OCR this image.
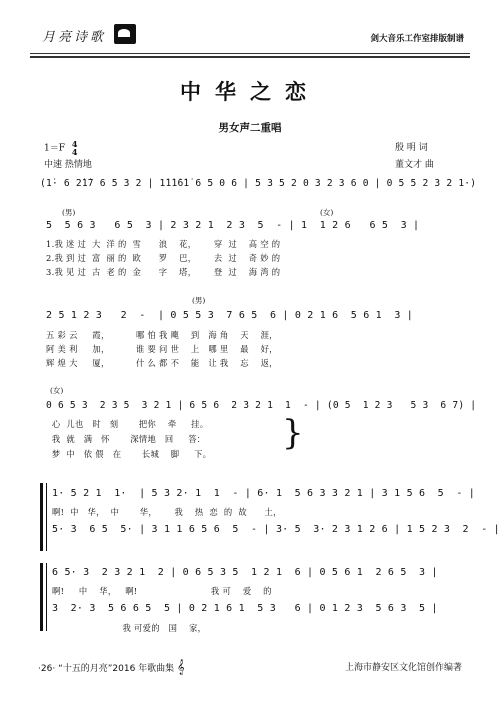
月亮诗歌	剑大音乐工作室排版制谱
中华之恋
男女声二重唱
1＝F 4
4
中速 热情地
殷 明 词
董文才 曲
(1̇· 6 2̇1̇7 6 5 3 2 | 1̇1̇1̇6̇1̇ 6 5 0 6 | 5 3 5 2 0 3 2 3 6 0 | 0 5 5 2 3 2 1·)
(男)	(女)
5  5 6 3   6 5  3 | 2 3 2 1  2 3  5  - | 1  1 2 6   6 5  3 |
1.我 迷 过  大  洋 的  雪      浪    花，      穿  过    高 空 的
2.我 到 过  富  丽 的  欧      罗    巴，      去  过    奇 妙 的
3.我 见 过  古  老 的  金      字    塔，      登  过    海 湾 的
(男)
2 5 1 2 3   2  -  | 0 5 5 3  7 6 5  6 | 0 2 1 6  5 6 1  3 |
五 彩 云     霞，         哪 怕 我 飑    到   海 角    天    涯，
阿 美 利     加，         谁 要 问 世    上   哪 里    最    好，
辉 煌 大     厦，         什 么 都 不    能   让 我    忘    返，
(女)
0 6 5 3  2 3 5  3 2 1 | 6 5 6  2 3 2 1  1  - | (0 5  1 2 3   5 3  6 7) |
心  儿也   时   刻       把你    牵     挂。
我  就   满   怀       深情地   回     答：
梦  中   依 偎   在       长城    脚     下。
}
1· 5 2 1  1·  | 5 3 2· 1  1  - | 6· 1  5 6 3 3 2 1 | 3 1 5 6  5  - |
啊!  中   华，  中       华，      我    热  恋  的  故      土，
5· 3  6 5  5· | 3 1 1 6 5 6  5  - | 3· 5  3· 2 3 1 2 6 | 1 5 2 3  2  - |
6 5· 3  2 3 2 1  2 | 0 6 5 3 5  1 2 1  6 | 0 5 6 1  2 6 5  3 |
啊!     中    华，   啊!                         我 可    爱    的
3  2· 3  5 6 6 5  5 | 0 2 1 6 1  5 3   6 | 0 1 2 3  5 6 3  5 |
我 可爱的   国    家，
·26· “十五的月亮”2016 年歌曲集 𝄞	上海市静安区文化馆创作编著
